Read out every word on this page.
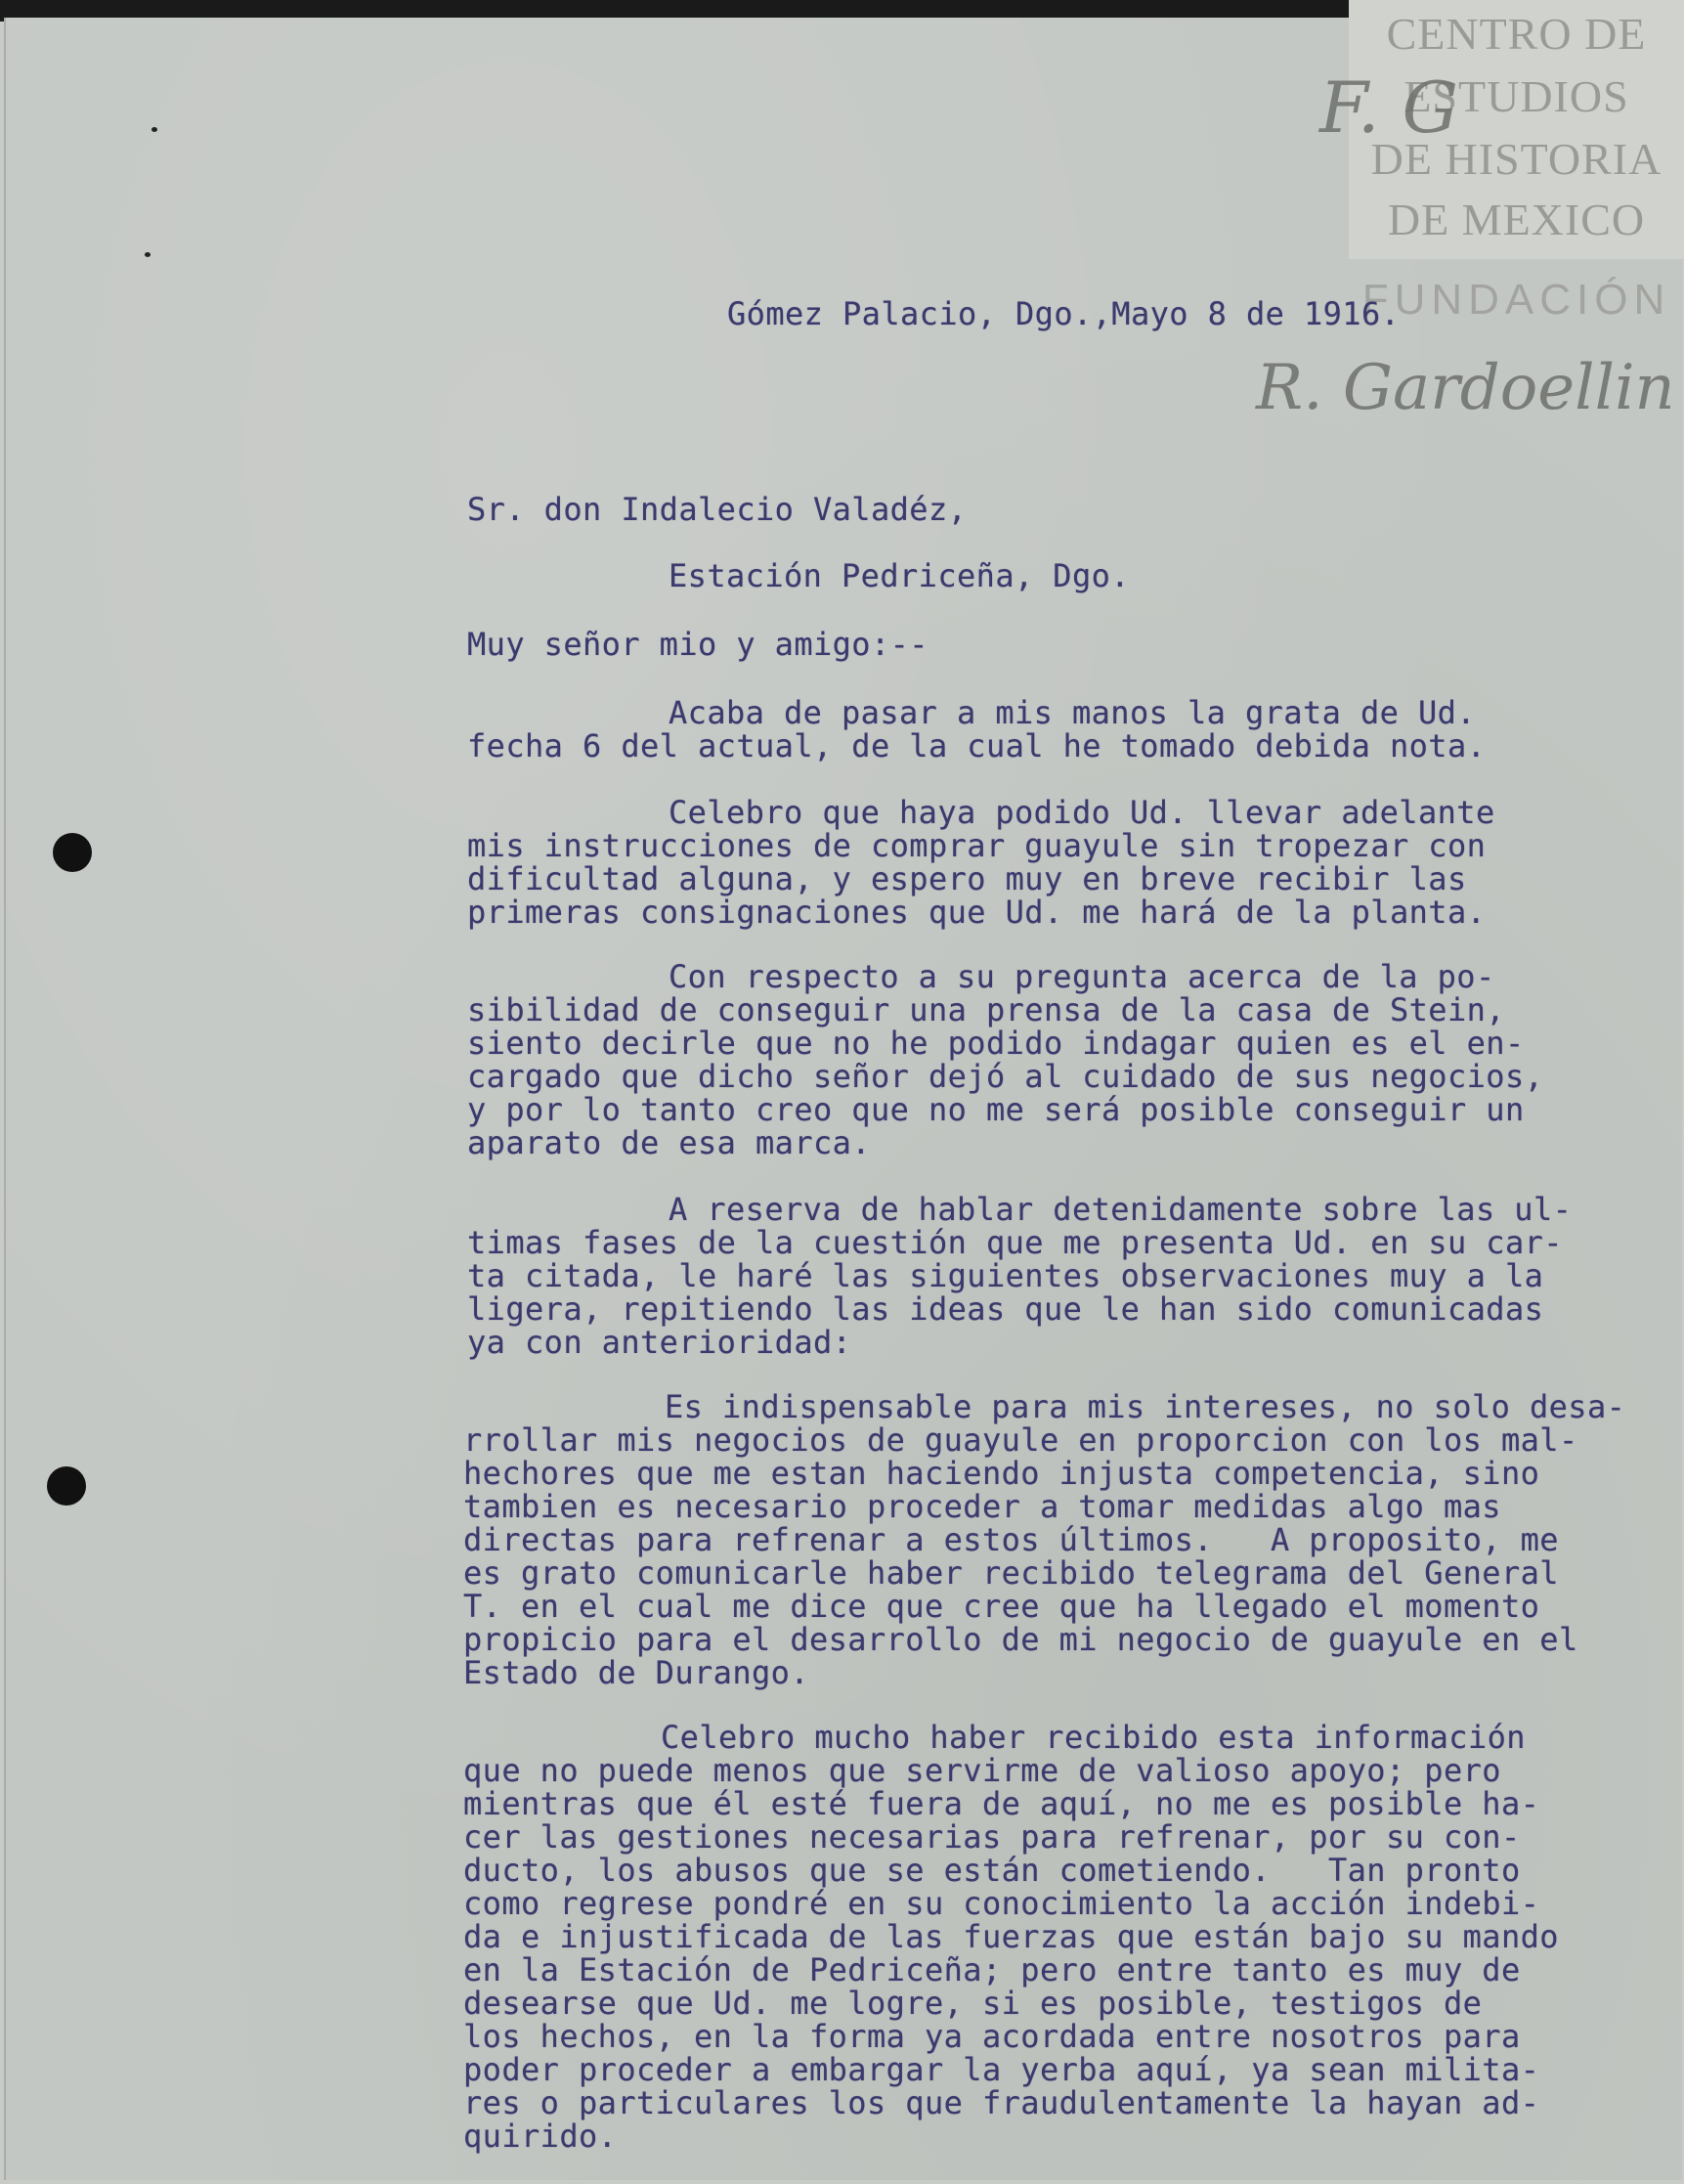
CENTRO DE
ESTUDIOS
DE HISTORIA
DE MEXICO
FUNDACIÓN
F. G
R. Gardoellin
Gómez Palacio, Dgo.,Mayo 8 de 1916.
Sr. don Indalecio Valadéz,
Estación Pedriceña, Dgo.
Muy señor mio y amigo:--
Acaba de pasar a mis manos la grata de Ud.
fecha 6 del actual, de la cual he tomado debida nota.
Celebro que haya podido Ud. llevar adelante
mis instrucciones de comprar guayule sin tropezar con
dificultad alguna, y espero muy en breve recibir las
primeras consignaciones que Ud. me hará de la planta.
Con respecto a su pregunta acerca de la po-
sibilidad de conseguir una prensa de la casa de Stein,
siento decirle que no he podido indagar quien es el en-
cargado que dicho señor dejó al cuidado de sus negocios,
y por lo tanto creo que no me será posible conseguir un
aparato de esa marca.
A reserva de hablar detenidamente sobre las ul-
timas fases de la cuestión que me presenta Ud. en su car-
ta citada, le haré las siguientes observaciones muy a la
ligera, repitiendo las ideas que le han sido comunicadas
ya con anterioridad:
Es indispensable para mis intereses, no solo desa-
rrollar mis negocios de guayule en proporcion con los mal-
hechores que me estan haciendo injusta competencia, sino
tambien es necesario proceder a tomar medidas algo mas
directas para refrenar a estos últimos.   A proposito, me
es grato comunicarle haber recibido telegrama del General
T. en el cual me dice que cree que ha llegado el momento
propicio para el desarrollo de mi negocio de guayule en el
Estado de Durango.
Celebro mucho haber recibido esta información
que no puede menos que servirme de valioso apoyo; pero
mientras que él esté fuera de aquí, no me es posible ha-
cer las gestiones necesarias para refrenar, por su con-
ducto, los abusos que se están cometiendo.   Tan pronto
como regrese pondré en su conocimiento la acción indebi-
da e injustificada de las fuerzas que están bajo su mando
en la Estación de Pedriceña; pero entre tanto es muy de
desearse que Ud. me logre, si es posible, testigos de
los hechos, en la forma ya acordada entre nosotros para
poder proceder a embargar la yerba aquí, ya sean milita-
res o particulares los que fraudulentamente la hayan ad-
quirido.
